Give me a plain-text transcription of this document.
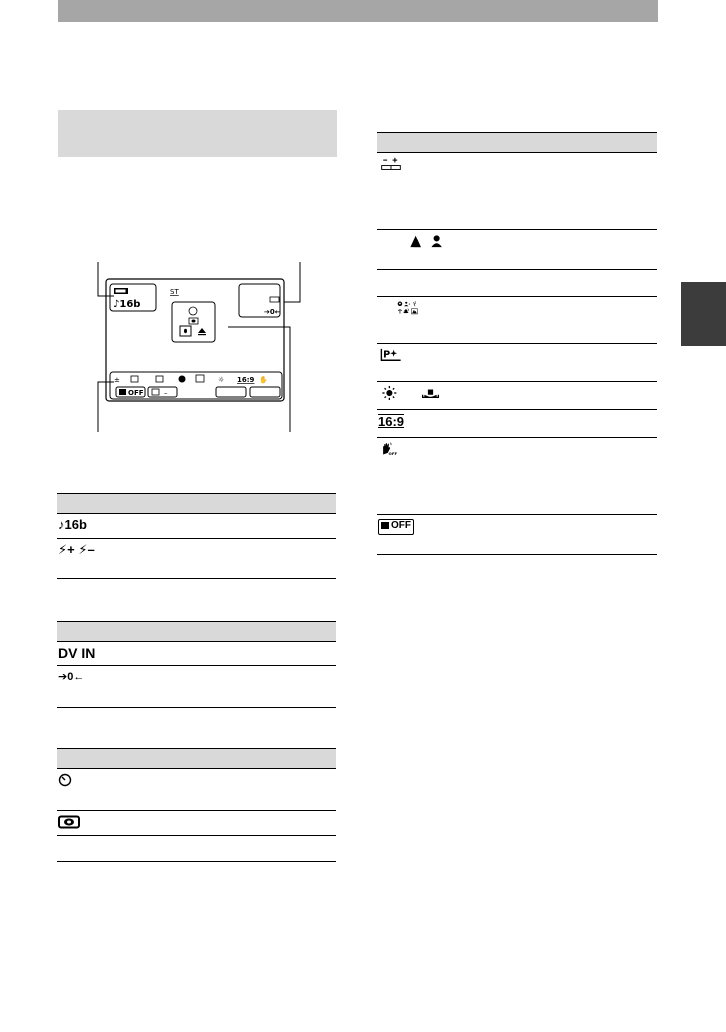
♪16b
ST
➔0←
±	☼ 16:9 ✋
OFF	–
♪16b
⚡+ ⚡–
DV IN
➔0←
P
16:9
OFF
OFF
